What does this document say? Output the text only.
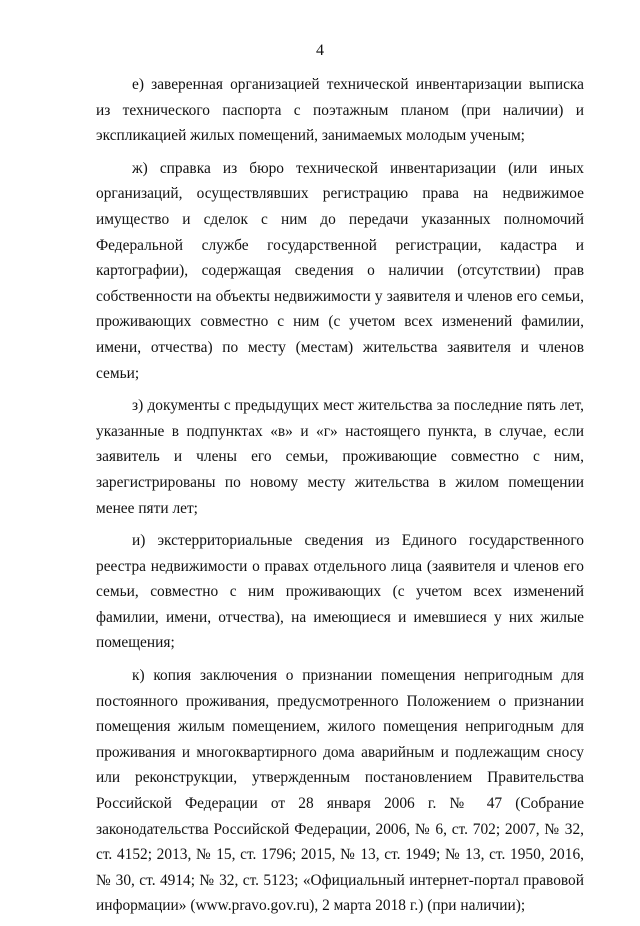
4

е) заверенная организацией технической инвентаризации выписка из технического паспорта с поэтажным планом (при наличии) и экспликацией жилых помещений, занимаемых молодым ученым;

ж) справка из бюро технической инвентаризации (или иных организаций, осуществлявших регистрацию права на недвижимое имущество и сделок с ним до передачи указанных полномочий Федеральной службе государственной регистрации, кадастра и картографии), содержащая сведения о наличии (отсутствии) прав собственности на объекты недвижимости у заявителя и членов его семьи, проживающих совместно с ним (с учетом всех изменений фамилии, имени, отчества) по месту (местам) жительства заявителя и членов семьи;

з) документы с предыдущих мест жительства за последние пять лет, указанные в подпунктах «в» и «г» настоящего пункта, в случае, если заявитель и члены его семьи, проживающие совместно с ним, зарегистрированы по новому месту жительства в жилом помещении менее пяти лет;

и) экстерриториальные сведения из Единого государственного реестра недвижимости о правах отдельного лица (заявителя и членов его семьи, совместно с ним проживающих (с учетом всех изменений фамилии, имени, отчества), на имеющиеся и имевшиеся у них жилые помещения;

к) копия заключения о признании помещения непригодным для постоянного проживания, предусмотренного Положением о признании помещения жилым помещением, жилого помещения непригодным для проживания и многоквартирного дома аварийным и подлежащим сносу или реконструкции, утвержденным постановлением Правительства Российской Федерации от 28 января 2006 г. № 47 (Собрание законодательства Российской Федерации, 2006, № 6, ст. 702; 2007, № 32, ст. 4152; 2013, № 15, ст. 1796; 2015, № 13, ст. 1949; № 13, ст. 1950, 2016, № 30, ст. 4914; № 32, ст. 5123; «Официальный интернет-портал правовой информации» (www.pravo.gov.ru), 2 марта 2018 г.) (при наличии);
